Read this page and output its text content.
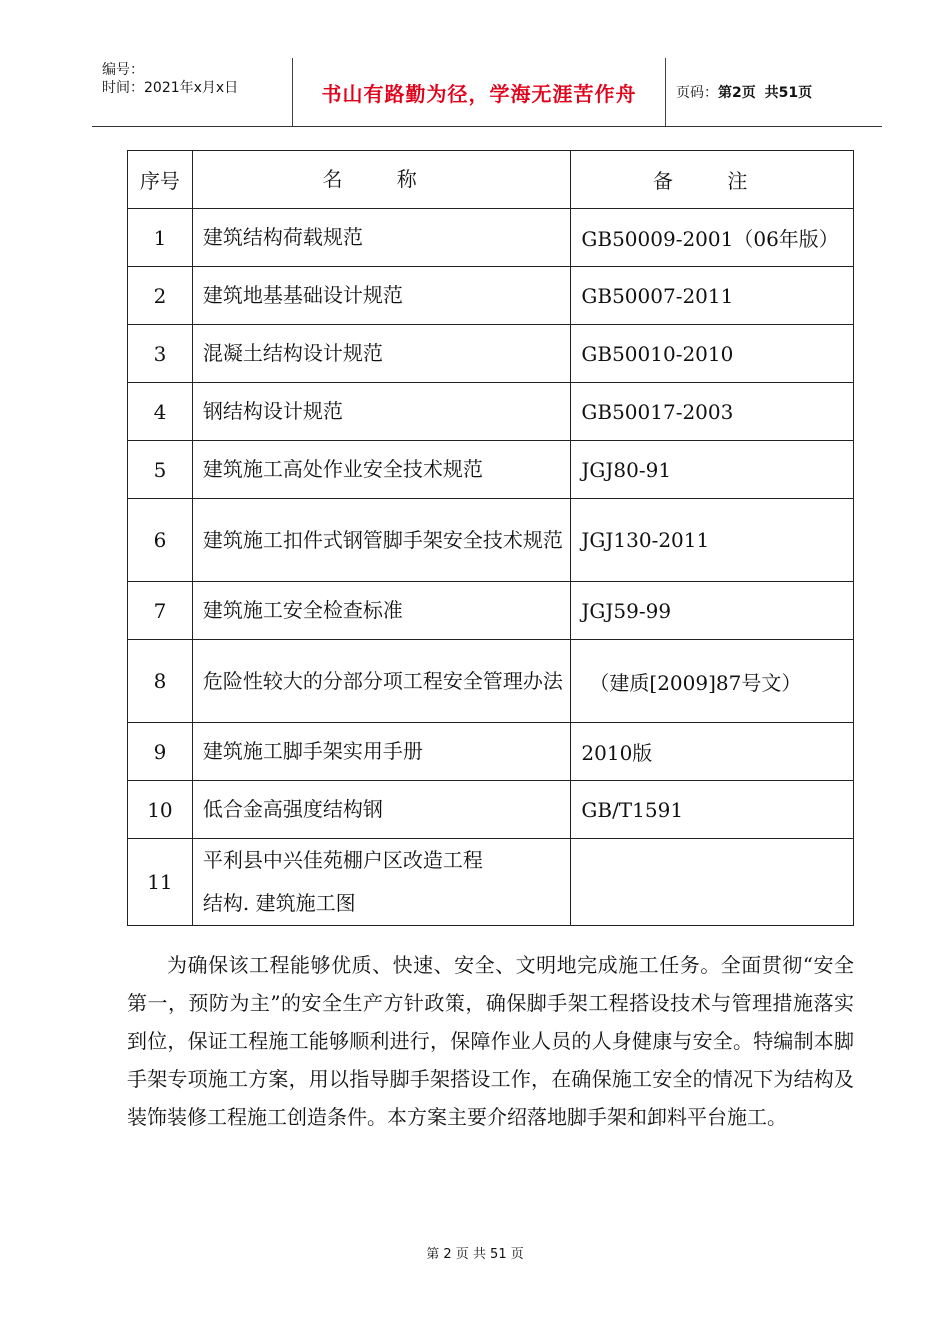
编号：
时间：2021年x月x日	书山有路勤为径，学海无涯苦作舟	页码：第2页 共51页
序号	名 称	备 注
1	建筑结构荷载规范	GB50009-2001（06年版）
2	建筑地基基础设计规范	GB50007-2011
3	混凝土结构设计规范	GB50010-2010
4	钢结构设计规范	GB50017-2003
5	建筑施工高处作业安全技术规范	JGJ80-91
6	建筑施工扣件式钢管脚手架安全技术规范	JGJ130-2011
7	建筑施工安全检查标准	JGJ59-99
8	危险性较大的分部分项工程安全管理办法	（建质[2009]87号文）
9	建筑施工脚手架实用手册	2010版
10	低合金高强度结构钢	GB/T1591
11	平利县中兴佳苑棚户区改造工程
结构. 建筑施工图	

为确保该工程能够优质、快速、安全、文明地完成施工任务。全面贯彻“安全第一，预防为主”的安全生产方针政策，确保脚手架工程搭设技术与管理措施落实到位，保证工程施工能够顺利进行，保障作业人员的人身健康与安全。特编制本脚手架专项施工方案，用以指导脚手架搭设工作，在确保施工安全的情况下为结构及装饰装修工程施工创造条件。本方案主要介绍落地脚手架和卸料平台施工。

第 2 页 共 51 页
